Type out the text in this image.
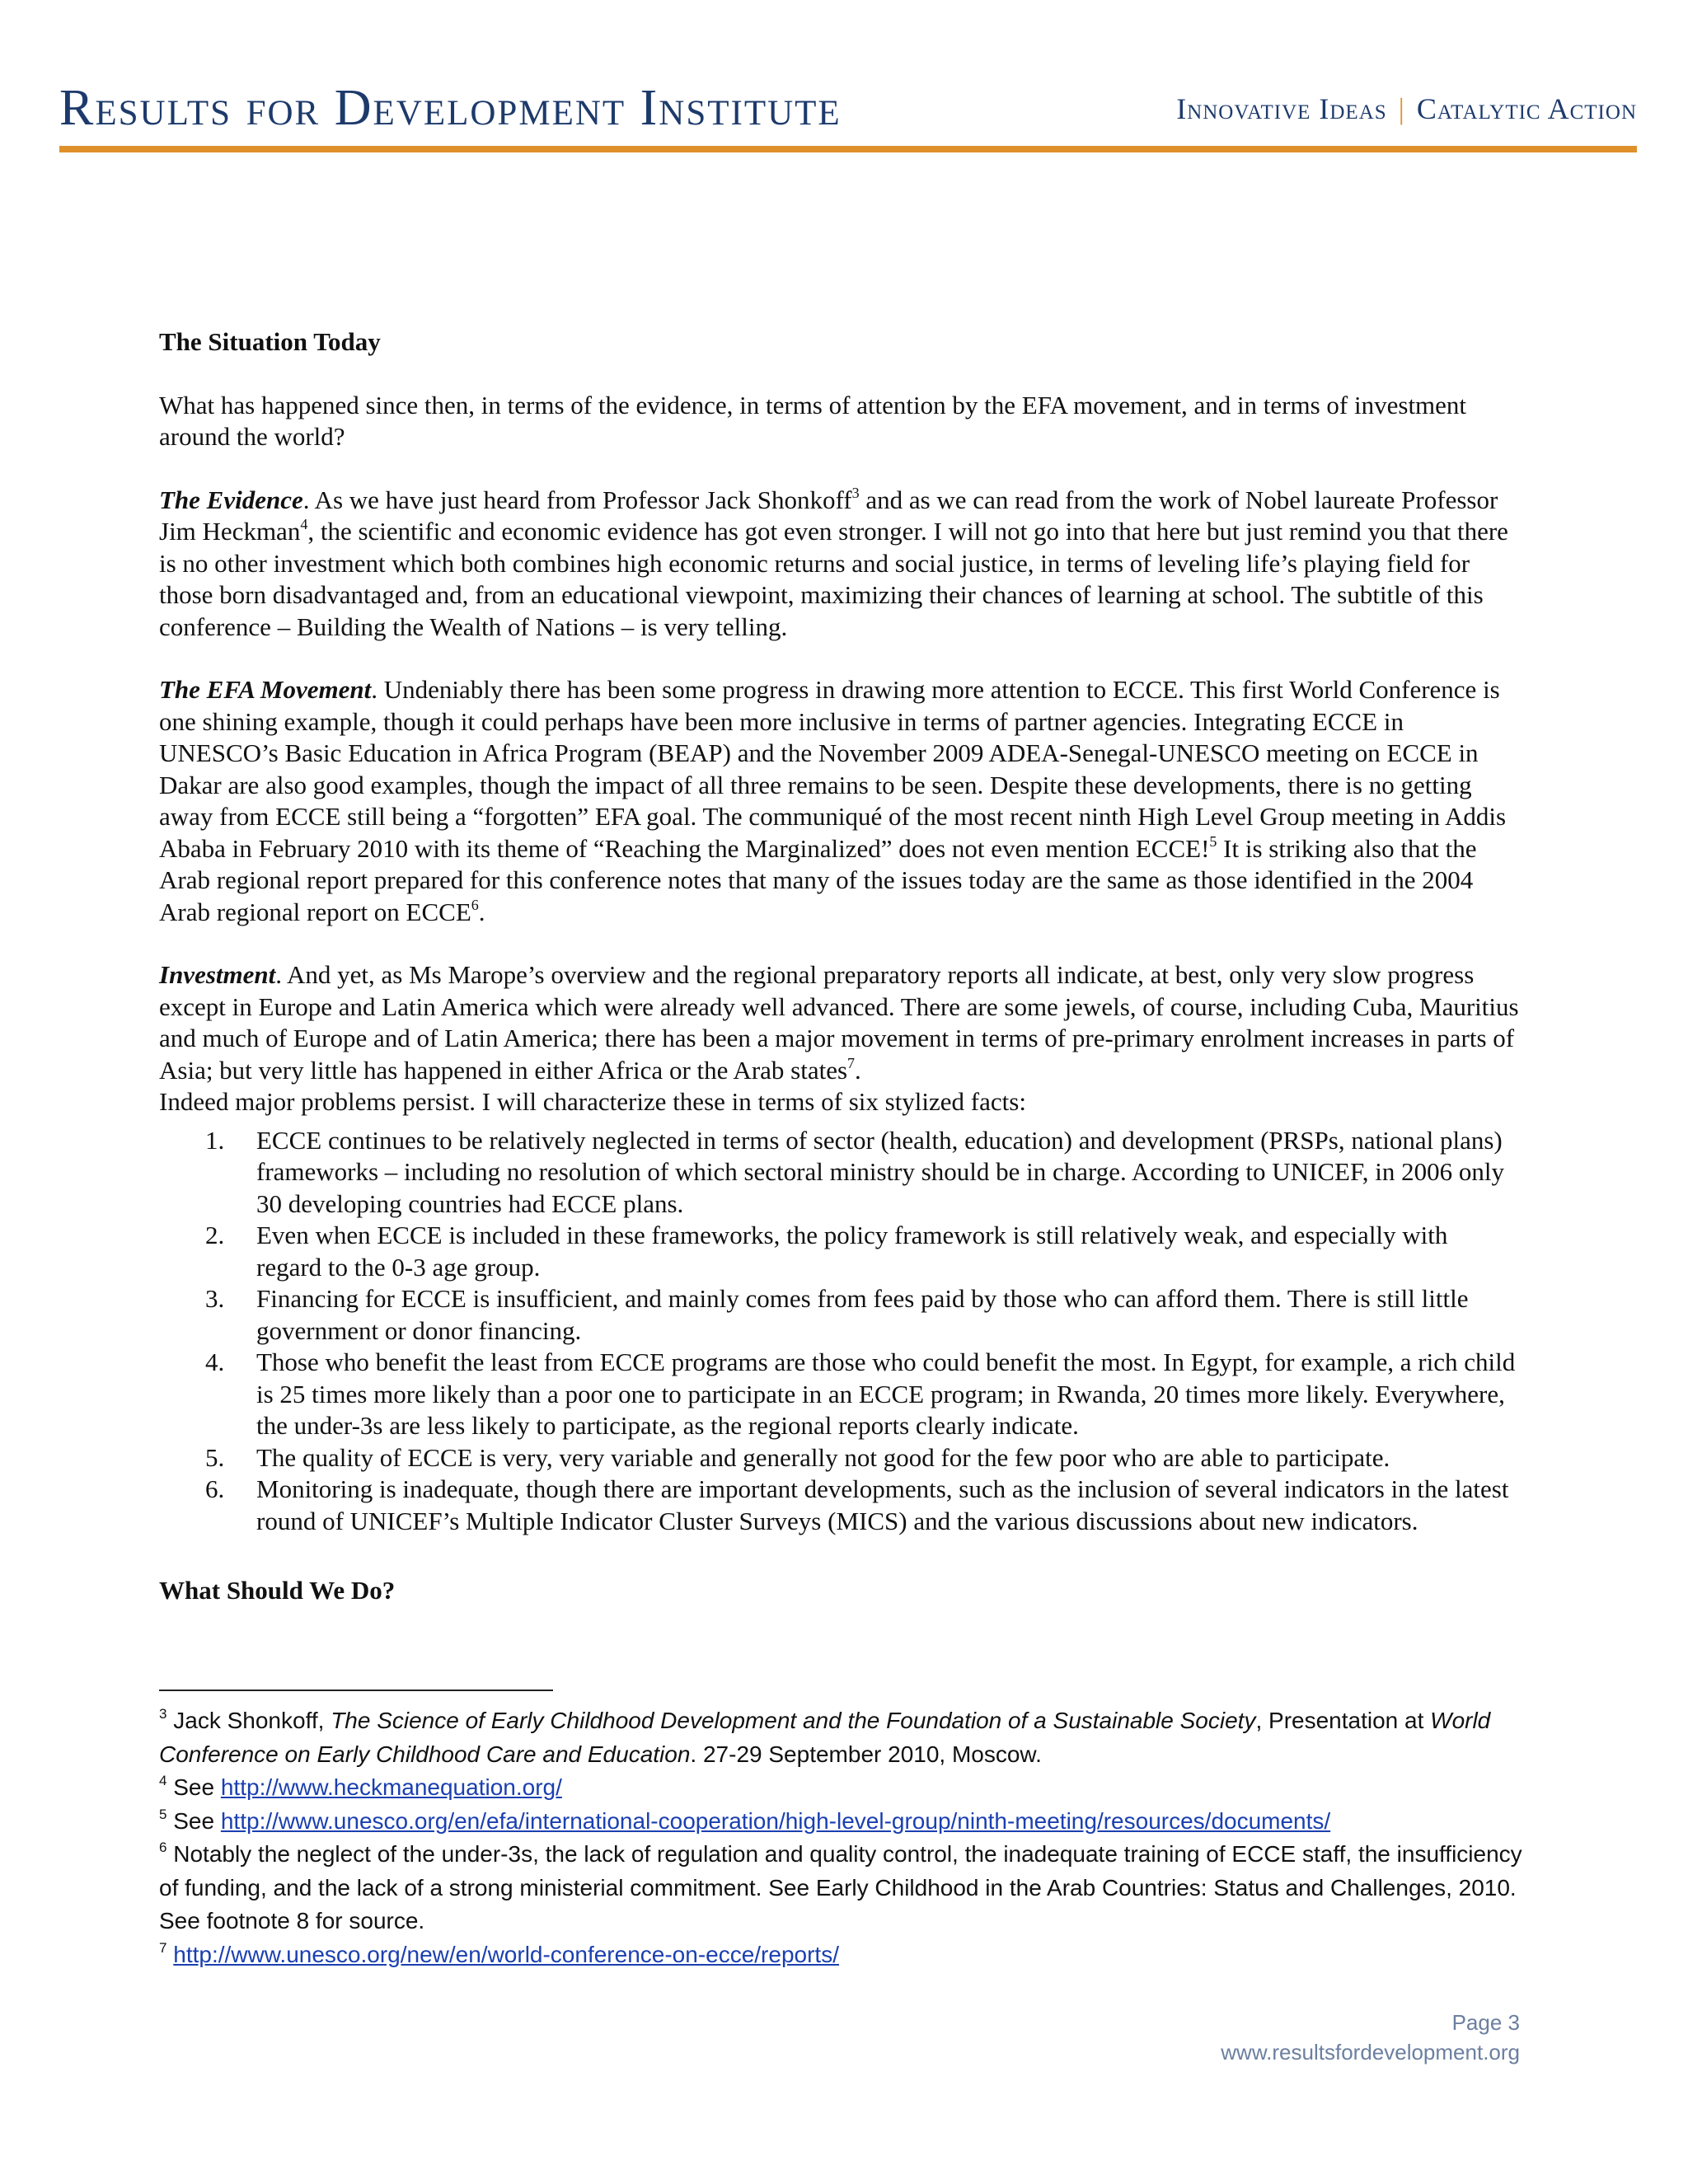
Results for Development Institute	Innovative Ideas | Catalytic Action
The Situation Today

What has happened since then, in terms of the evidence, in terms of attention by the EFA movement, and in terms of investment around the world?

The Evidence. As we have just heard from Professor Jack Shonkoff$^3$ and as we can read from the work of Nobel laureate Professor Jim Heckman$^4$, the scientific and economic evidence has got even stronger. I will not go into that here but just remind you that there is no other investment which both combines high economic returns and social justice, in terms of leveling life’s playing field for those born disadvantaged and, from an educational viewpoint, maximizing their chances of learning at school. The subtitle of this conference – Building the Wealth of Nations – is very telling.

The EFA Movement. Undeniably there has been some progress in drawing more attention to ECCE. This first World Conference is one shining example, though it could perhaps have been more inclusive in terms of partner agencies. Integrating ECCE in UNESCO’s Basic Education in Africa Program (BEAP) and the November 2009 ADEA-Senegal-UNESCO meeting on ECCE in Dakar are also good examples, though the impact of all three remains to be seen. Despite these developments, there is no getting away from ECCE still being a “forgotten” EFA goal. The communiqué of the most recent ninth High Level Group meeting in Addis Ababa in February 2010 with its theme of “Reaching the Marginalized” does not even mention ECCE!$^5$ It is striking also that the Arab regional report prepared for this conference notes that many of the issues today are the same as those identified in the 2004 Arab regional report on ECCE$^6$.

Investment. And yet, as Ms Marope’s overview and the regional preparatory reports all indicate, at best, only very slow progress except in Europe and Latin America which were already well advanced. There are some jewels, of course, including Cuba, Mauritius and much of Europe and of Latin America; there has been a major movement in terms of pre-primary enrolment increases in parts of Asia; but very little has happened in either Africa or the Arab states$^7$.

Indeed major problems persist. I will characterize these in terms of six stylized facts:

1. ECCE continues to be relatively neglected in terms of sector (health, education) and development (PRSPs, national plans) frameworks – including no resolution of which sectoral ministry should be in charge. According to UNICEF, in 2006 only 30 developing countries had ECCE plans.
2. Even when ECCE is included in these frameworks, the policy framework is still relatively weak, and especially with regard to the 0-3 age group.
3. Financing for ECCE is insufficient, and mainly comes from fees paid by those who can afford them. There is still little government or donor financing.
4. Those who benefit the least from ECCE programs are those who could benefit the most. In Egypt, for example, a rich child is 25 times more likely than a poor one to participate in an ECCE program; in Rwanda, 20 times more likely. Everywhere, the under-3s are less likely to participate, as the regional reports clearly indicate.
5. The quality of ECCE is very, very variable and generally not good for the few poor who are able to participate.
6. Monitoring is inadequate, though there are important developments, such as the inclusion of several indicators in the latest round of UNICEF’s Multiple Indicator Cluster Surveys (MICS) and the various discussions about new indicators.
What Should We Do?

$^3$ Jack Shonkoff, The Science of Early Childhood Development and the Foundation of a Sustainable Society, Presentation at World Conference on Early Childhood Care and Education. 27-29 September 2010, Moscow.

$^4$ See http://www.heckmanequation.org/

$^5$ See http://www.unesco.org/en/efa/international-cooperation/high-level-group/ninth-meeting/resources/documents/

$^6$ Notably the neglect of the under-3s, the lack of regulation and quality control, the inadequate training of ECCE staff, the insufficiency of funding, and the lack of a strong ministerial commitment. See Early Childhood in the Arab Countries: Status and Challenges, 2010. See footnote 8 for source.

$^7$ http://www.unesco.org/new/en/world-conference-on-ecce/reports/

Page 3
www.resultsfordevelopment.org
